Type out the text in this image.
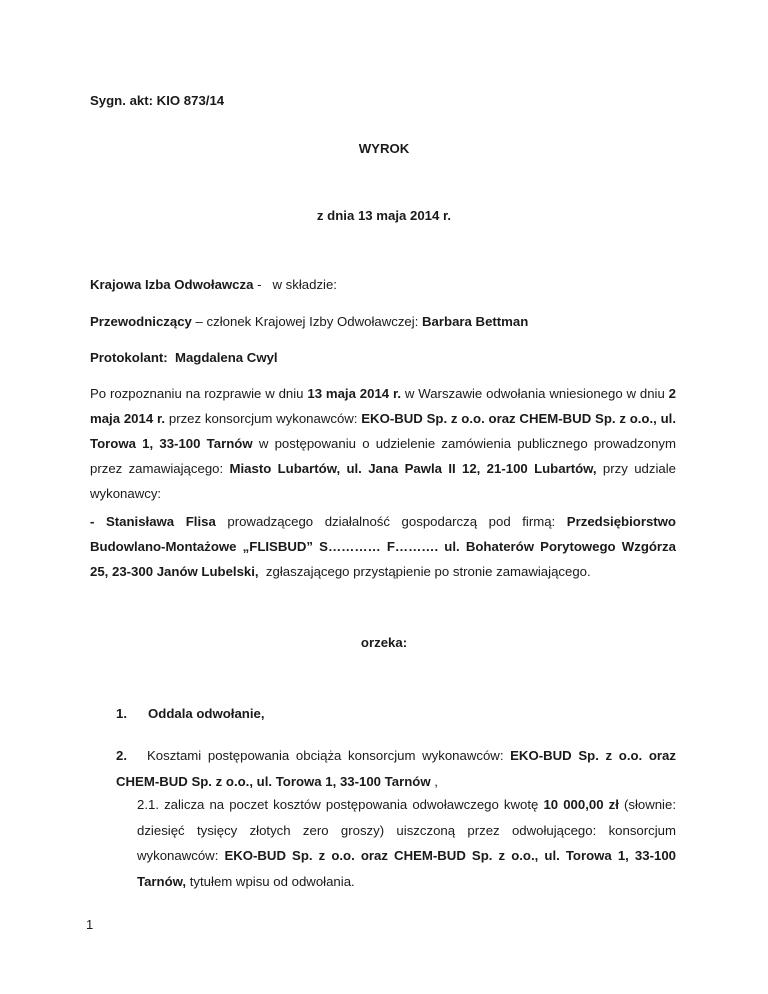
Sygn. akt: KIO 873/14

WYROK

z dnia 13 maja 2014 r.

Krajowa Izba Odwoławcza -   w składzie:

Przewodniczący – członek Krajowej Izby Odwoławczej: Barbara Bettman

Protokolant:  Magdalena Cwyl

Po rozpoznaniu na rozprawie w dniu 13 maja 2014 r. w Warszawie odwołania wniesionego w dniu 2 maja 2014 r. przez konsorcjum wykonawców: EKO-BUD Sp. z o.o. oraz CHEM-BUD Sp. z o.o., ul. Torowa 1, 33-100 Tarnów w postępowaniu o udzielenie zamówienia publicznego prowadzonym przez zamawiającego: Miasto Lubartów, ul. Jana Pawla II 12, 21-100 Lubartów, przy udziale wykonawcy:

- Stanisława Flisa prowadzącego działalność gospodarczą pod firmą: Przedsiębiorstwo Budowlano-Montażowe „FLISBUD” S………… F………. ul. Bohaterów Porytowego Wzgórza    25, 23-300 Janów Lubelski,  zgłaszającego przystąpienie po stronie zamawiającego.

orzeka:

1. Oddala odwołanie,

2.   Kosztami postępowania obciąża konsorcjum wykonawców: EKO-BUD Sp. z o.o. oraz CHEM-BUD Sp. z o.o., ul. Torowa 1, 33-100 Tarnów ,

2.1. zalicza na poczet kosztów postępowania odwoławczego kwotę 10 000,00 zł (słownie: dziesięć tysięcy złotych zero groszy) uiszczoną przez odwołującego: konsorcjum wykonawców: EKO-BUD Sp. z o.o. oraz CHEM-BUD Sp. z o.o., ul. Torowa 1, 33-100 Tarnów, tytułem wpisu od odwołania.

1
